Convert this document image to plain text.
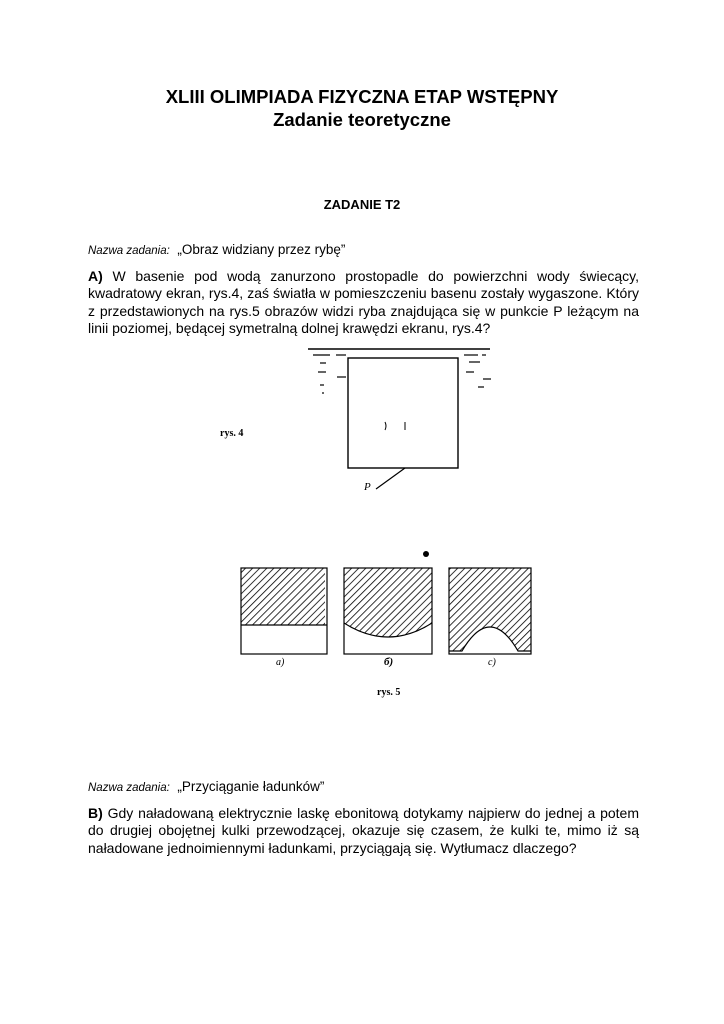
XLIII OLIMPIADA FIZYCZNA ETAP WSTĘPNY
Zadanie teoretyczne
ZADANIE T2
Nazwa zadania: „Obraz widziany przez rybę”
A) W basenie pod wodą zanurzono prostopadle do powierzchni wody świecący, kwadratowy ekran, rys.4, zaś światła w pomieszczeniu basenu zostały wygaszone. Który z przedstawionych na rys.5 obrazów widzi ryba znajdująca się w punkcie P leżącym na linii poziomej, będącej symetralną dolnej krawędzi ekranu, rys.4?
P
rys. 4
a)	б)	c)
rys. 5
Nazwa zadania: „Przyciąganie ładunków”
B) Gdy naładowaną elektrycznie laskę ebonitową dotykamy najpierw do jednej a potem do drugiej obojętnej kulki przewodzącej, okazuje się czasem, że kulki te, mimo iż są naładowane jednoimiennymi ładunkami, przyciągają się. Wytłumacz dlaczego?
